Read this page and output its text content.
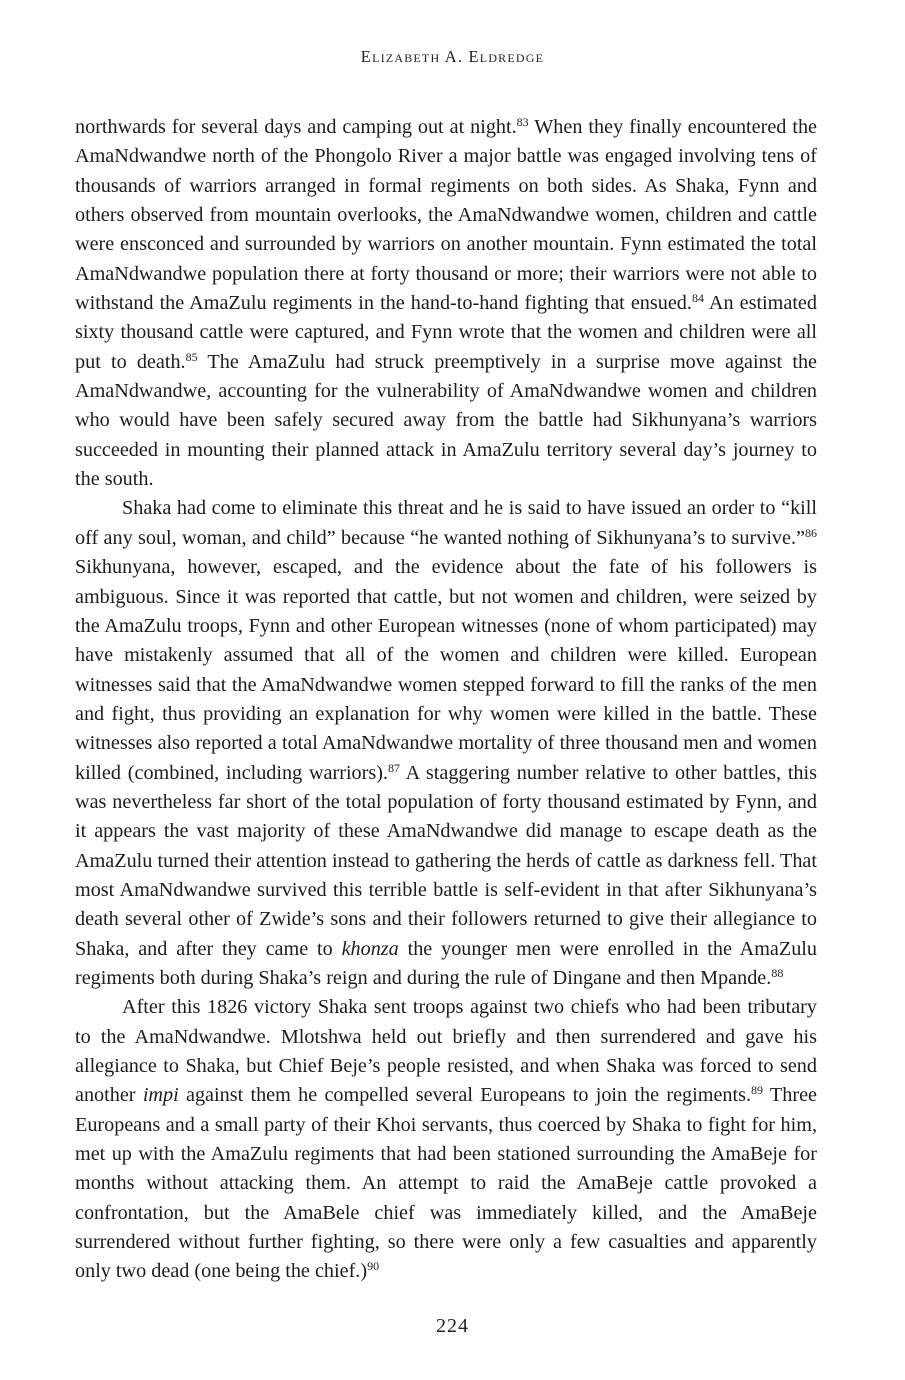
Elizabeth A. Eldredge

northwards for several days and camping out at night.$^{83}$ When they finally encountered the AmaNdwandwe north of the Phongolo River a major battle was engaged involving tens of thousands of warriors arranged in formal regiments on both sides. As Shaka, Fynn and others observed from mountain overlooks, the AmaNdwandwe women, children and cattle were ensconced and surrounded by warriors on another mountain. Fynn estimated the total AmaNdwandwe population there at forty thousand or more; their warriors were not able to withstand the AmaZulu regiments in the hand-to-hand fighting that ensued.$^{84}$ An estimated sixty thousand cattle were captured, and Fynn wrote that the women and children were all put to death.$^{85}$ The AmaZulu had struck preemptively in a surprise move against the AmaNdwandwe, accounting for the vulnerability of AmaNdwandwe women and children who would have been safely secured away from the battle had Sikhunyana’s warriors succeeded in mounting their planned attack in AmaZulu territory several day’s journey to the south.

Shaka had come to eliminate this threat and he is said to have issued an order to “kill off any soul, woman, and child” because “he wanted nothing of Sikhunyana’s to survive.”$^{86}$ Sikhunyana, however, escaped, and the evidence about the fate of his followers is ambiguous. Since it was reported that cattle, but not women and children, were seized by the AmaZulu troops, Fynn and other European witnesses (none of whom participated) may have mistakenly assumed that all of the women and children were killed. European witnesses said that the AmaNdwandwe women stepped forward to fill the ranks of the men and fight, thus providing an explanation for why women were killed in the battle. These witnesses also reported a total AmaNdwandwe mortality of three thousand men and women killed (combined, including warriors).$^{87}$ A staggering number relative to other battles, this was nevertheless far short of the total population of forty thousand estimated by Fynn, and it appears the vast majority of these AmaNdwandwe did manage to escape death as the AmaZulu turned their attention instead to gathering the herds of cattle as darkness fell. That most AmaNdwandwe survived this terrible battle is self-evident in that after Sikhunyana’s death several other of Zwide’s sons and their followers returned to give their allegiance to Shaka, and after they came to khonza the younger men were enrolled in the AmaZulu regiments both during Shaka’s reign and during the rule of Dingane and then Mpande.$^{88}$

After this 1826 victory Shaka sent troops against two chiefs who had been tributary to the AmaNdwandwe. Mlotshwa held out briefly and then surrendered and gave his allegiance to Shaka, but Chief Beje’s people resisted, and when Shaka was forced to send another impi against them he compelled several Europeans to join the regiments.$^{89}$ Three Europeans and a small party of their Khoi servants, thus coerced by Shaka to fight for him, met up with the AmaZulu regiments that had been stationed surrounding the AmaBeje for months without attacking them. An attempt to raid the AmaBeje cattle provoked a confrontation, but the AmaBele chief was immediately killed, and the AmaBeje surrendered without further fighting, so there were only a few casualties and apparently only two dead (one being the chief.)$^{90}$

224
